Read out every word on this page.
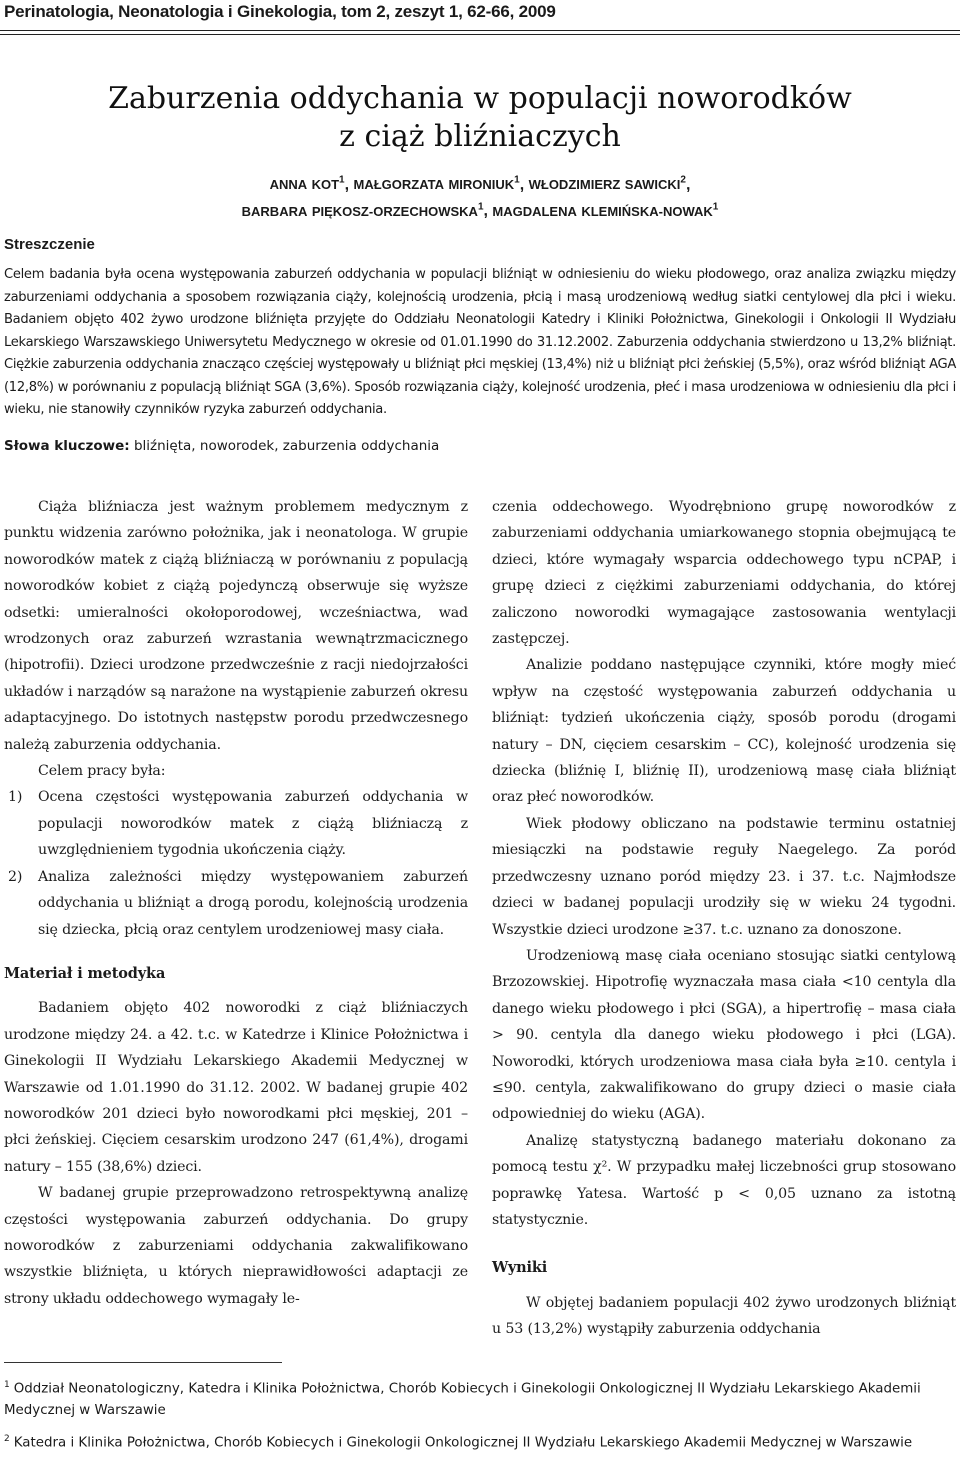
Perinatologia, Neonatologia i Ginekologia, tom 2, zeszyt 1, 62-66, 2009
Zaburzenia oddychania w populacji noworodków
z ciąż bliźniaczych
ANNA KOT$^1$, MAŁGORZATA MIRONIUK$^1$, WŁODZIMIERZ SAWICKI$^2$,
BARBARA PIĘKOSZ-ORZECHOWSKA$^1$, MAGDALENA KLEMIŃSKA-NOWAK$^1$
Streszczenie

Celem badania była ocena występowania zaburzeń oddychania w populacji bliźniąt w odniesieniu do wieku płodowego, oraz analiza związku między zaburzeniami oddychania a sposobem rozwiązania ciąży, kolejnością urodzenia, płcią i masą urodzeniową według siatki centylowej dla płci i wieku. Badaniem objęto 402 żywo urodzone bliźnięta przyjęte do Oddziału Neonatologii Katedry i Kliniki Położnictwa, Ginekologii i Onkologii II Wydziału Lekarskiego Warszawskiego Uniwersytetu Medycznego w okresie od 01.01.1990 do 31.12.2002. Zaburzenia oddychania stwierdzono u 13,2% bliźniąt. Ciężkie zaburzenia oddychania znacząco częściej występowały u bliźniąt płci męskiej (13,4%) niż u bliźniąt płci żeńskiej (5,5%), oraz wśród bliźniąt AGA (12,8%) w porównaniu z populacją bliźniąt SGA (3,6%). Sposób rozwiązania ciąży, kolejność urodzenia, płeć i masa urodzeniowa w odniesieniu dla płci i wieku, nie stanowiły czynników ryzyka zaburzeń oddychania.

Słowa kluczowe: bliźnięta, noworodek, zaburzenia oddychania

Ciąża bliźniacza jest ważnym problemem medycznym z punktu widzenia zarówno położnika, jak i neonatologa. W grupie noworodków matek z ciążą bliźniaczą w porównaniu z populacją noworodków kobiet z ciążą pojedynczą obserwuje się wyższe odsetki: umieralności okołoporodowej, wcześniactwa, wad wrodzonych oraz zaburzeń wzrastania wewnątrzmacicznego (hipotrofii). Dzieci urodzone przedwcześnie z racji niedojrzałości układów i narządów są narażone na wystąpienie zaburzeń okresu adaptacyjnego. Do istotnych następstw porodu przedwczesnego należą zaburzenia oddychania.

Celem pracy była:

1) Ocena częstości występowania zaburzeń oddychania w populacji noworodków matek z ciążą bliźniaczą z uwzględnieniem tygodnia ukończenia ciąży.
2) Analiza zależności między występowaniem zaburzeń oddychania u bliźniąt a drogą porodu, kolejnością urodzenia się dziecka, płcią oraz centylem urodzeniowej masy ciała.
Materiał i metodyka

Badaniem objęto 402 noworodki z ciąż bliźniaczych urodzone między 24. a 42. t.c. w Katedrze i Klinice Położnictwa i Ginekologii II Wydziału Lekarskiego Akademii Medycznej w Warszawie od 1.01.1990 do 31.12. 2002. W badanej grupie 402 noworodków 201 dzieci było noworodkami płci męskiej, 201 – płci żeńskiej. Cięciem cesarskim urodzono 247 (61,4%), drogami natury – 155 (38,6%) dzieci.

W badanej grupie przeprowadzono retrospektywną analizę częstości występowania zaburzeń oddychania. Do grupy noworodków z zaburzeniami oddychania zakwalifikowano wszystkie bliźnięta, u których nieprawidłowości adaptacji ze strony układu oddechowego wymagały le-

czenia oddechowego. Wyodrębniono grupę noworodków z zaburzeniami oddychania umiarkowanego stopnia obejmującą te dzieci, które wymagały wsparcia oddechowego typu nCPAP, i grupę dzieci z ciężkimi zaburzeniami oddychania, do której zaliczono noworodki wymagające zastosowania wentylacji zastępczej.

Analizie poddano następujące czynniki, które mogły mieć wpływ na częstość występowania zaburzeń oddychania u bliźniąt: tydzień ukończenia ciąży, sposób porodu (drogami natury – DN, cięciem cesarskim – CC), kolejność urodzenia się dziecka (bliźnię I, bliźnię II), urodzeniową masę ciała bliźniąt oraz płeć noworodków.

Wiek płodowy obliczano na podstawie terminu ostatniej miesiączki na podstawie reguły Naegelego. Za poród przedwczesny uznano poród między 23. i 37. t.c. Najmłodsze dzieci w badanej populacji urodziły się w wieku 24 tygodni. Wszystkie dzieci urodzone ≥37. t.c. uznano za donoszone.

Urodzeniową masę ciała oceniano stosując siatki centylową Brzozowskiej. Hipotrofię wyznaczała masa ciała <10 centyla dla danego wieku płodowego i płci (SGA), a hipertrofię – masa ciała > 90. centyla dla danego wieku płodowego i płci (LGA). Noworodki, których urodzeniowa masa ciała była ≥10. centyla i ≤90. centyla, zakwalifikowano do grupy dzieci o masie ciała odpowiedniej do wieku (AGA).

Analizę statystyczną badanego materiału dokonano za pomocą testu χ². W przypadku małej liczebności grup stosowano poprawkę Yatesa. Wartość p < 0,05 uznano za istotną statystycznie.

Wyniki

W objętej badaniem populacji 402 żywo urodzonych bliźniąt u 53 (13,2%) wystąpiły zaburzenia oddychania

$^1$ Oddział Neonatologiczny, Katedra i Klinika Położnictwa, Chorób Kobiecych i Ginekologii Onkologicznej II Wydziału Lekarskiego Akademii Medycznej w Warszawie
$^2$ Katedra i Klinika Położnictwa, Chorób Kobiecych i Ginekologii Onkologicznej II Wydziału Lekarskiego Akademii Medycznej w Warszawie
